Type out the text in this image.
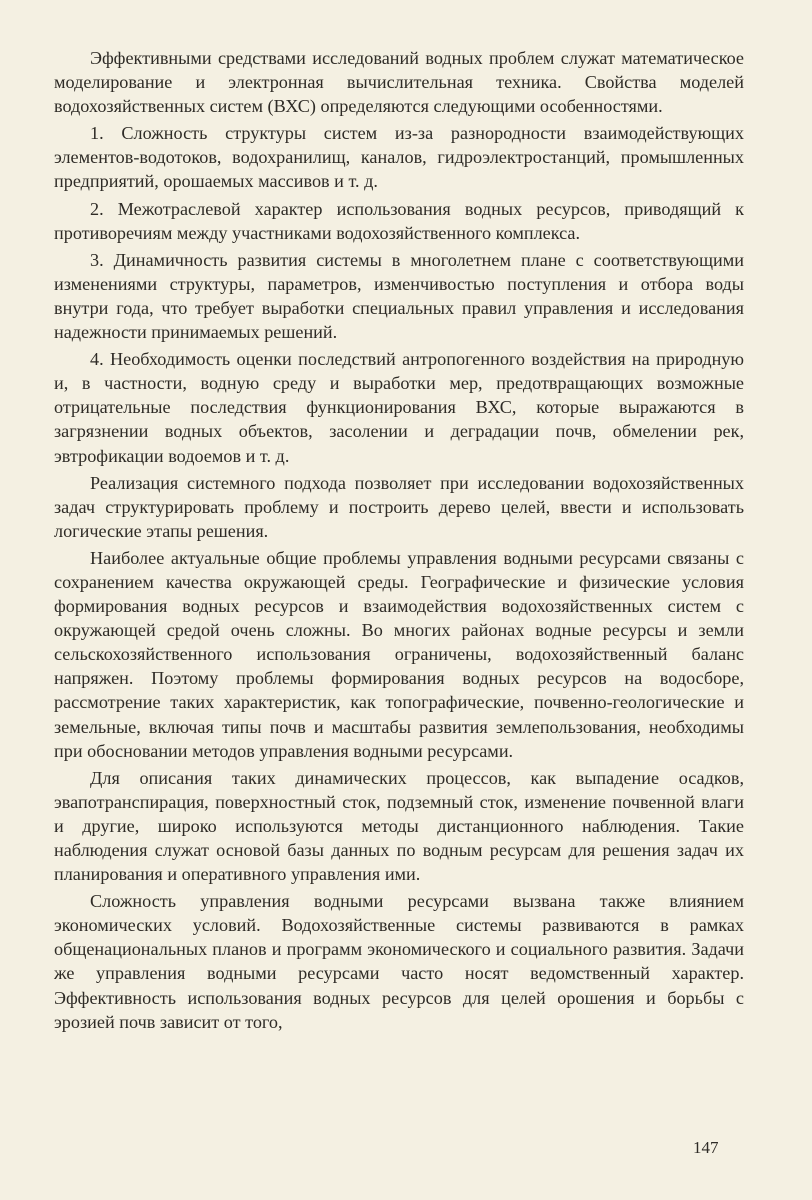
Эффективными средствами исследований водных проблем служат математическое моделирование и электронная вычислительная техника. Свойства моделей водохозяйственных систем (ВХС) определяются следующими особенностями.

1. Сложность структуры систем из-за разнородности взаимодействующих элементов-водотоков, водохранилищ, каналов, гидроэлектростанций, промышленных предприятий, орошаемых массивов и т. д.

2. Межотраслевой характер использования водных ресурсов, приводящий к противоречиям между участниками водохозяйственного комплекса.

3. Динамичность развития системы в многолетнем плане с соответствующими изменениями структуры, параметров, изменчивостью поступления и отбора воды внутри года, что требует выработки специальных правил управления и исследования надежности принимаемых решений.

4. Необходимость оценки последствий антропогенного воздействия на природную и, в частности, водную среду и выработки мер, предотвращающих возможные отрицательные последствия функционирования ВХС, которые выражаются в загрязнении водных объектов, засолении и деградации почв, обмелении рек, эвтрофикации водоемов и т. д.

Реализация системного подхода позволяет при исследовании водохозяйственных задач структурировать проблему и построить дерево целей, ввести и использовать логические этапы решения.

Наиболее актуальные общие проблемы управления водными ресурсами связаны с сохранением качества окружающей среды. Географические и физические условия формирования водных ресурсов и взаимодействия водохозяйственных систем с окружающей средой очень сложны. Во многих районах водные ресурсы и земли сельскохозяйственного использования ограничены, водохозяйственный баланс напряжен. Поэтому проблемы формирования водных ресурсов на водосборе, рассмотрение таких характеристик, как топографические, почвенно-геологические и земельные, включая типы почв и масштабы развития землепользования, необходимы при обосновании методов управления водными ресурсами.

Для описания таких динамических процессов, как выпадение осадков, эвапотранспирация, поверхностный сток, подземный сток, изменение почвенной влаги и другие, широко используются методы дистанционного наблюдения. Такие наблюдения служат основой базы данных по водным ресурсам для решения задач их планирования и оперативного управления ими.

Сложность управления водными ресурсами вызвана также влиянием экономических условий. Водохозяйственные системы развиваются в рамках общенациональных планов и программ экономического и социального развития. Задачи же управления водными ресурсами часто носят ведомственный характер. Эффективность использования водных ресурсов для целей орошения и борьбы с эрозией почв зависит от того,

147
